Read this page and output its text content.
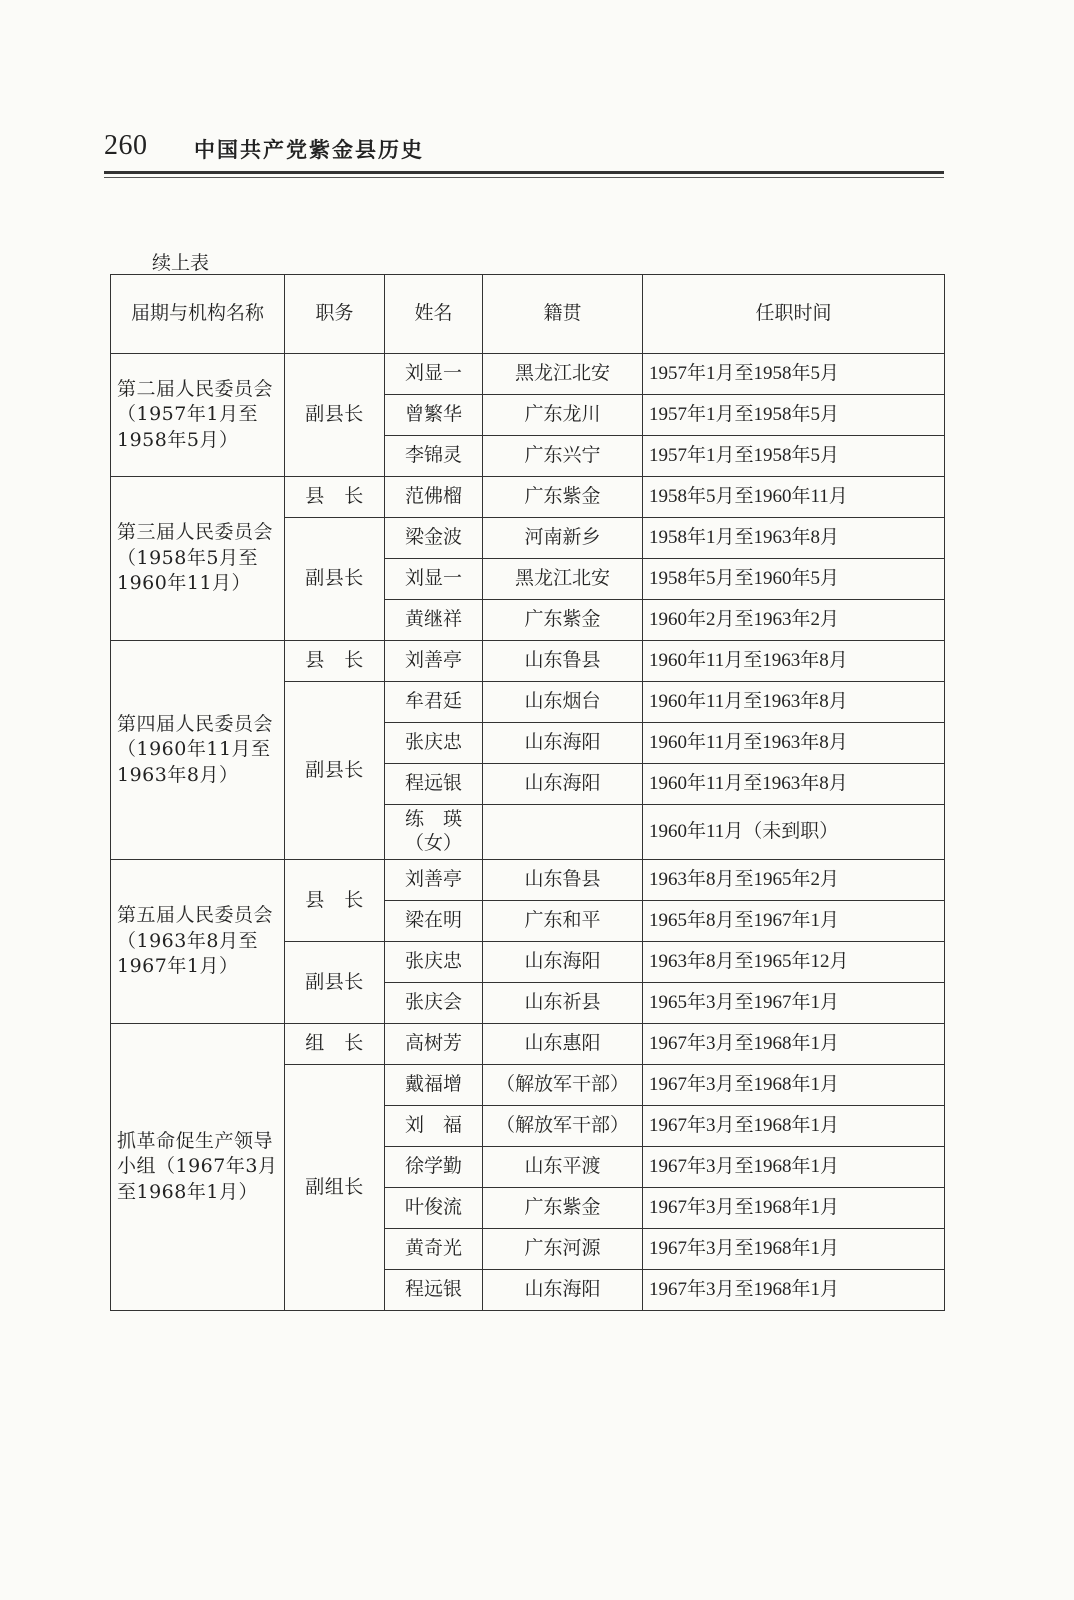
260 中国共产党紫金县历史
续上表
届期与机构名称	职务	姓名	籍贯	任职时间
第二届人民委员会（1957年1月至1958年5月）	副县长	刘显一	黑龙江北安	1957年1月至1958年5月
		曾繁华	广东龙川	1957年1月至1958年5月
		李锦灵	广东兴宁	1957年1月至1958年5月
第三届人民委员会（1958年5月至1960年11月）	县　长	范佛榴	广东紫金	1958年5月至1960年11月
	副县长	梁金波	河南新乡	1958年1月至1963年8月
		刘显一	黑龙江北安	1958年5月至1960年5月
		黄继祥	广东紫金	1960年2月至1963年2月
第四届人民委员会（1960年11月至1963年8月）	县　长	刘善亭	山东鲁县	1960年11月至1963年8月
	副县长	牟君廷	山东烟台	1960年11月至1963年8月
		张庆忠	山东海阳	1960年11月至1963年8月
		程远银	山东海阳	1960年11月至1963年8月
		练　瑛（女）		1960年11月（未到职）
第五届人民委员会（1963年8月至1967年1月）	县　长	刘善亭	山东鲁县	1963年8月至1965年2月
		梁在明	广东和平	1965年8月至1967年1月
	副县长	张庆忠	山东海阳	1963年8月至1965年12月
		张庆会	山东祈县	1965年3月至1967年1月
抓革命促生产领导小组（1967年3月至1968年1月）	组　长	高树芳	山东惠阳	1967年3月至1968年1月
	副组长	戴福增	（解放军干部）	1967年3月至1968年1月
		刘　福	（解放军干部）	1967年3月至1968年1月
		徐学勤	山东平渡	1967年3月至1968年1月
		叶俊流	广东紫金	1967年3月至1968年1月
		黄奇光	广东河源	1967年3月至1968年1月
		程远银	山东海阳	1967年3月至1968年1月
